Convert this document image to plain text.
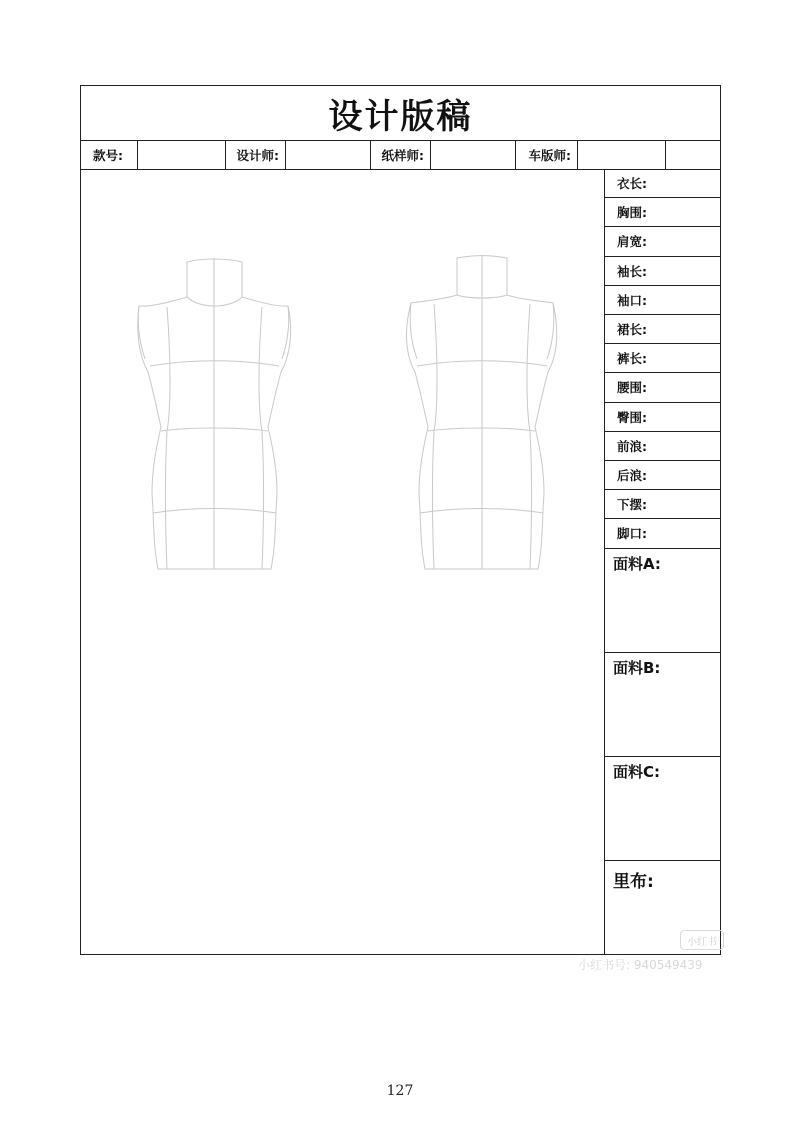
设计版稿
款号:	设计师:	纸样师:	车版师:
衣长:
胸围:
肩宽:
袖长:
袖口:
裙长:
裤长:
腰围:
臀围:
前浪:
后浪:
下摆:
脚口:
面料A:
面料B:
面料C:
里布:
小红书
小红书号: 940549439
127
